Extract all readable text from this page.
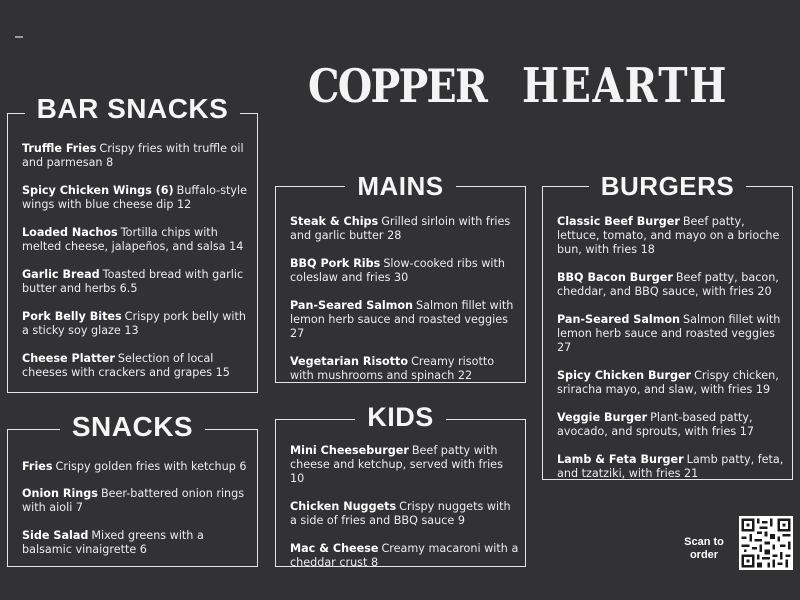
COPPER HEARTH
BAR SNACKS
Truffle Fries Crispy fries with truffle oil and parmesan 8
Spicy Chicken Wings (6) Buffalo-style wings with blue cheese dip 12
Loaded Nachos Tortilla chips with melted cheese, jalapeños, and salsa 14
Garlic Bread Toasted bread with garlic butter and herbs 6.5
Pork Belly Bites Crispy pork belly with a sticky soy glaze 13
Cheese Platter Selection of local cheeses with crackers and grapes 15
SNACKS
Fries Crispy golden fries with ketchup 6
Onion Rings Beer-battered onion rings with aioli 7
Side Salad Mixed greens with a balsamic vinaigrette 6
MAINS
Steak & Chips Grilled sirloin with fries and garlic butter 28
BBQ Pork Ribs Slow-cooked ribs with coleslaw and fries 30
Pan-Seared Salmon Salmon fillet with lemon herb sauce and roasted veggies 27
Vegetarian Risotto Creamy risotto with mushrooms and spinach 22
KIDS
Mini Cheeseburger Beef patty with cheese and ketchup, served with fries 10
Chicken Nuggets Crispy nuggets with a side of fries and BBQ sauce 9
Mac & Cheese Creamy macaroni with a cheddar crust 8
BURGERS
Classic Beef Burger Beef patty, lettuce, tomato, and mayo on a brioche bun, with fries 18
BBQ Bacon Burger Beef patty, bacon, cheddar, and BBQ sauce, with fries 20
Pan-Seared Salmon Salmon fillet with lemon herb sauce and roasted veggies 27
Spicy Chicken Burger Crispy chicken, sriracha mayo, and slaw, with fries 19
Veggie Burger Plant-based patty, avocado, and sprouts, with fries 17
Lamb & Feta Burger Lamb patty, feta, and tzatziki, with fries 21
Scan to
order
